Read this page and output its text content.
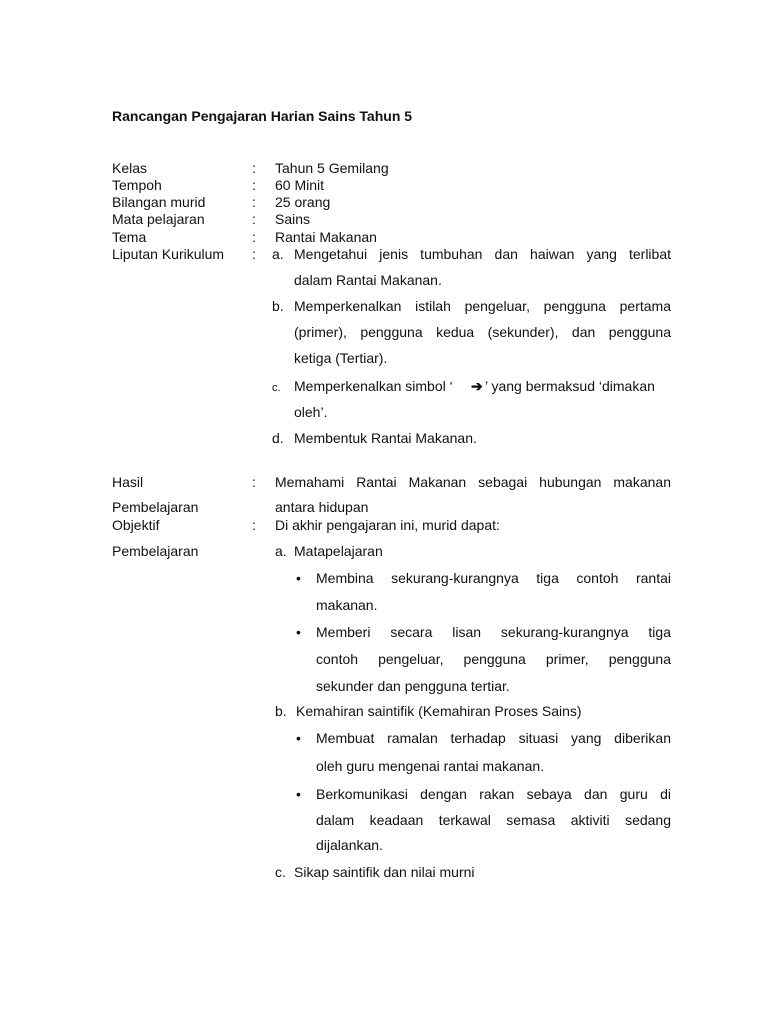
Rancangan Pengajaran Harian Sains Tahun 5
Kelas	: Tahun 5 Gemilang
Tempoh	: 60 Minit
Bilangan murid	: 25 orang
Mata pelajaran	: Sains
Tema	: Rantai Makanan
Liputan Kurikulum : a. Mengetahui jenis tumbuhan dan haiwan yang terlibat
dalam Rantai Makanan.
b. Memperkenalkan istilah pengeluar, pengguna pertama
(primer), pengguna kedua (sekunder), dan pengguna
ketiga (Tertiar).
c. Memperkenalkan simbol ‘ ➔ ’ yang bermaksud ‘dimakan
oleh’.
d. Membentuk Rantai Makanan.
Hasil	: Memahami Rantai Makanan sebagai hubungan makanan
Pembelajaran	antara hidupan
Objektif	: Di akhir pengajaran ini, murid dapat:
Pembelajaran	a. Matapelajaran
• Membina sekurang-kurangnya tiga contoh rantai
makanan.
• Memberi secara lisan sekurang-kurangnya tiga
contoh pengeluar, pengguna primer, pengguna
sekunder dan pengguna tertiar.
b. Kemahiran saintifik (Kemahiran Proses Sains)
• Membuat ramalan terhadap situasi yang diberikan
oleh guru mengenai rantai makanan.
• Berkomunikasi dengan rakan sebaya dan guru di
dalam keadaan terkawal semasa aktiviti sedang
dijalankan.
c. Sikap saintifik dan nilai murni
